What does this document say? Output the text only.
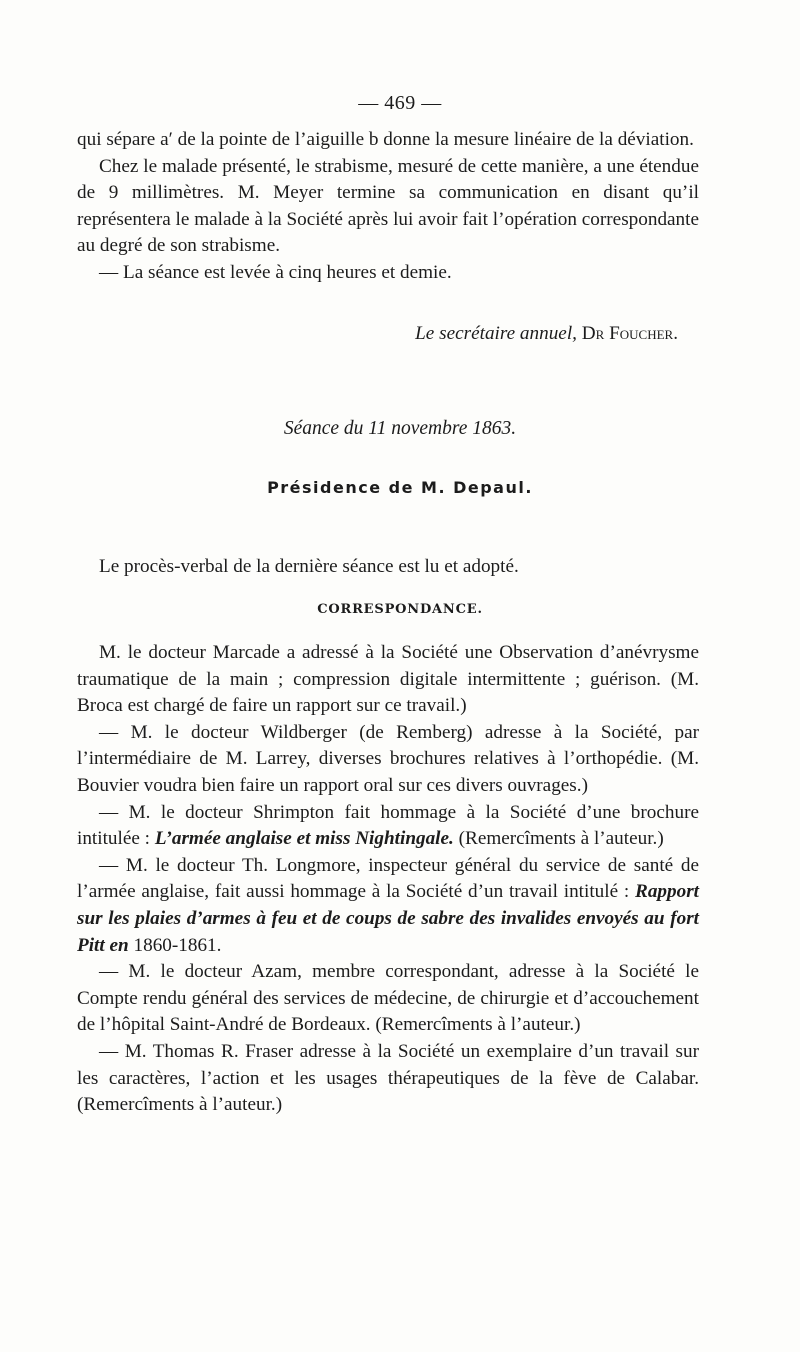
— 469 —

qui sépare a′ de la pointe de l’aiguille b donne la mesure linéaire de la déviation.

Chez le malade présenté, le strabisme, mesuré de cette manière, a une étendue de 9 millimètres. M. Meyer termine sa communication en disant qu’il représentera le malade à la Société après lui avoir fait l’opération correspondante au degré de son strabisme.

— La séance est levée à cinq heures et demie.

Le secrétaire annuel, Dr Foucher.
Séance du 11 novembre 1863.
Présidence de M. Depaul.

Le procès-verbal de la dernière séance est lu et adopté.

CORRESPONDANCE.

M. le docteur Marcade a adressé à la Société une Observation d’anévrysme traumatique de la main ; compression digitale intermittente ; guérison. (M. Broca est chargé de faire un rapport sur ce travail.)

— M. le docteur Wildberger (de Remberg) adresse à la Société, par l’intermédiaire de M. Larrey, diverses brochures relatives à l’orthopédie. (M. Bouvier voudra bien faire un rapport oral sur ces divers ouvrages.)

— M. le docteur Shrimpton fait hommage à la Société d’une brochure intitulée : L’armée anglaise et miss Nightingale. (Remercîments à l’auteur.)

— M. le docteur Th. Longmore, inspecteur général du service de santé de l’armée anglaise, fait aussi hommage à la Société d’un travail intitulé : Rapport sur les plaies d’armes à feu et de coups de sabre des invalides envoyés au fort Pitt en 1860-1861.

— M. le docteur Azam, membre correspondant, adresse à la Société le Compte rendu général des services de médecine, de chirurgie et d’accouchement de l’hôpital Saint-André de Bordeaux. (Remercîments à l’auteur.)

— M. Thomas R. Fraser adresse à la Société un exemplaire d’un travail sur les caractères, l’action et les usages thérapeutiques de la fève de Calabar. (Remercîments à l’auteur.)
